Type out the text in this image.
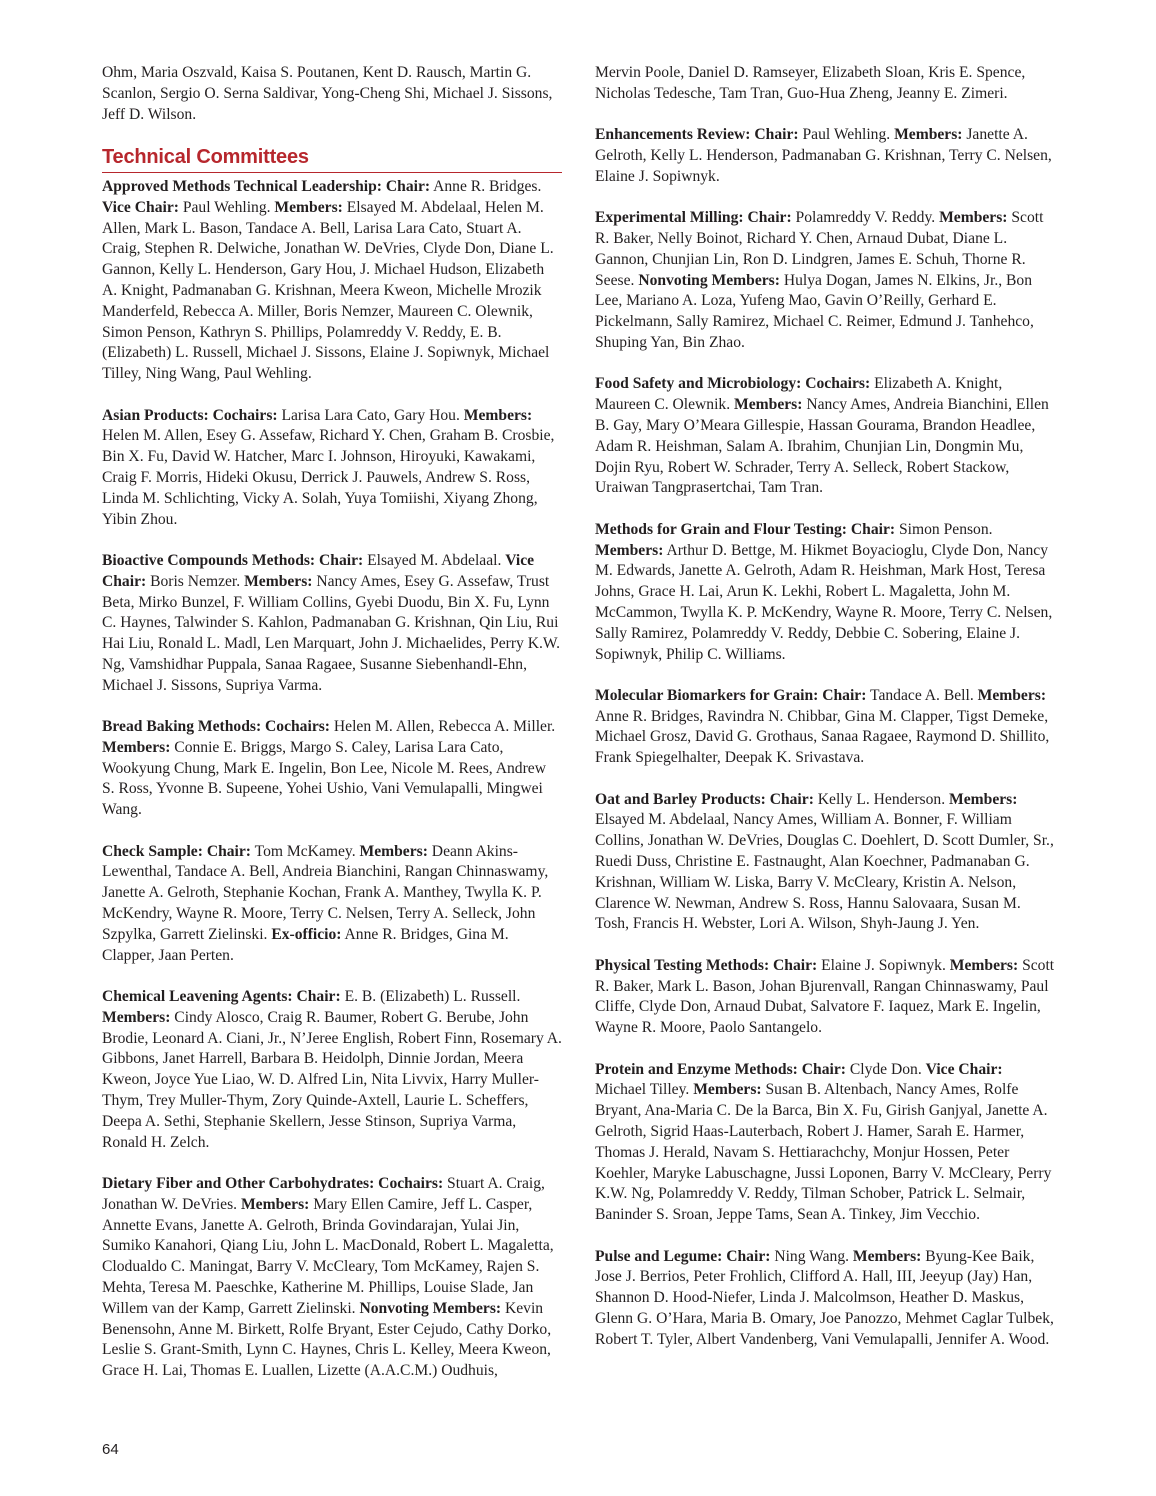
Ohm, Maria Oszvald, Kaisa S. Poutanen, Kent D. Rausch, Martin G. Scanlon, Sergio O. Serna Saldivar, Yong-Cheng Shi, Michael J. Sissons, Jeff D. Wilson.

Technical Committees

Approved Methods Technical Leadership: Chair: Anne R. Bridges. Vice Chair: Paul Wehling. Members: Elsayed M. Abdelaal, Helen M. Allen, Mark L. Bason, Tandace A. Bell, Larisa Lara Cato, Stuart A. Craig, Stephen R. Delwiche, Jonathan W. DeVries, Clyde Don, Diane L. Gannon, Kelly L. Henderson, Gary Hou, J. Michael Hudson, Elizabeth A. Knight, Padmanaban G. Krishnan, Meera Kweon, Michelle Mrozik Manderfeld, Rebecca A. Miller, Boris Nemzer, Maureen C. Olewnik, Simon Penson, Kathryn S. Phillips, Polamreddy V. Reddy, E. B. (Elizabeth) L. Russell, Michael J. Sissons, Elaine J. Sopiwnyk, Michael Tilley, Ning Wang, Paul Wehling.

Asian Products: Cochairs: Larisa Lara Cato, Gary Hou. Members: Helen M. Allen, Esey G. Assefaw, Richard Y. Chen, Graham B. Crosbie, Bin X. Fu, David W. Hatcher, Marc I. Johnson, Hiroyuki, Kawakami, Craig F. Morris, Hideki Okusu, Derrick J. Pauwels, Andrew S. Ross, Linda M. Schlichting, Vicky A. Solah, Yuya Tomiishi, Xiyang Zhong, Yibin Zhou.

Bioactive Compounds Methods: Chair: Elsayed M. Abdelaal. Vice Chair: Boris Nemzer. Members: Nancy Ames, Esey G. Assefaw, Trust Beta, Mirko Bunzel, F. William Collins, Gyebi Duodu, Bin X. Fu, Lynn C. Haynes, Talwinder S. Kahlon, Padmanaban G. Krishnan, Qin Liu, Rui Hai Liu, Ronald L. Madl, Len Marquart, John J. Michaelides, Perry K.W. Ng, Vamshidhar Puppala, Sanaa Ragaee, Susanne Siebenhandl-Ehn, Michael J. Sissons, Supriya Varma.

Bread Baking Methods: Cochairs: Helen M. Allen, Rebecca A. Miller. Members: Connie E. Briggs, Margo S. Caley, Larisa Lara Cato, Wookyung Chung, Mark E. Ingelin, Bon Lee, Nicole M. Rees, Andrew S. Ross, Yvonne B. Supeene, Yohei Ushio, Vani Vemulapalli, Mingwei Wang.

Check Sample: Chair: Tom McKamey. Members: Deann Akins-Lewenthal, Tandace A. Bell, Andreia Bianchini, Rangan Chinnaswamy, Janette A. Gelroth, Stephanie Kochan, Frank A. Manthey, Twylla K. P. McKendry, Wayne R. Moore, Terry C. Nelsen, Terry A. Selleck, John Szpylka, Garrett Zielinski. Ex-officio: Anne R. Bridges, Gina M. Clapper, Jaan Perten.

Chemical Leavening Agents: Chair: E. B. (Elizabeth) L. Russell. Members: Cindy Alosco, Craig R. Baumer, Robert G. Berube, John Brodie, Leonard A. Ciani, Jr., N’Jeree English, Robert Finn, Rosemary A. Gibbons, Janet Harrell, Barbara B. Heidolph, Dinnie Jordan, Meera Kweon, Joyce Yue Liao, W. D. Alfred Lin, Nita Livvix, Harry Muller-Thym, Trey Muller-Thym, Zory Quinde-Axtell, Laurie L. Scheffers, Deepa A. Sethi, Stephanie Skellern, Jesse Stinson, Supriya Varma, Ronald H. Zelch.

Dietary Fiber and Other Carbohydrates: Cochairs: Stuart A. Craig, Jonathan W. DeVries. Members: Mary Ellen Camire, Jeff L. Casper, Annette Evans, Janette A. Gelroth, Brinda Govindarajan, Yulai Jin, Sumiko Kanahori, Qiang Liu, John L. MacDonald, Robert L. Magaletta, Clodualdo C. Maningat, Barry V. McCleary, Tom McKamey, Rajen S. Mehta, Teresa M. Paeschke, Katherine M. Phillips, Louise Slade, Jan Willem van der Kamp, Garrett Zielinski. Nonvoting Members: Kevin Benensohn, Anne M. Birkett, Rolfe Bryant, Ester Cejudo, Cathy Dorko, Leslie S. Grant-Smith, Lynn C. Haynes, Chris L. Kelley, Meera Kweon, Grace H. Lai, Thomas E. Luallen, Lizette (A.A.C.M.) Oudhuis,

Mervin Poole, Daniel D. Ramseyer, Elizabeth Sloan, Kris E. Spence, Nicholas Tedesche, Tam Tran, Guo-Hua Zheng, Jeanny E. Zimeri.

Enhancements Review: Chair: Paul Wehling. Members: Janette A. Gelroth, Kelly L. Henderson, Padmanaban G. Krishnan, Terry C. Nelsen, Elaine J. Sopiwnyk.

Experimental Milling: Chair: Polamreddy V. Reddy. Members: Scott R. Baker, Nelly Boinot, Richard Y. Chen, Arnaud Dubat, Diane L. Gannon, Chunjian Lin, Ron D. Lindgren, James E. Schuh, Thorne R. Seese. Nonvoting Members: Hulya Dogan, James N. Elkins, Jr., Bon Lee, Mariano A. Loza, Yufeng Mao, Gavin O’Reilly, Gerhard E. Pickelmann, Sally Ramirez, Michael C. Reimer, Edmund J. Tanhehco, Shuping Yan, Bin Zhao.

Food Safety and Microbiology: Cochairs: Elizabeth A. Knight, Maureen C. Olewnik. Members: Nancy Ames, Andreia Bianchini, Ellen B. Gay, Mary O’Meara Gillespie, Hassan Gourama, Brandon Headlee, Adam R. Heishman, Salam A. Ibrahim, Chunjian Lin, Dongmin Mu, Dojin Ryu, Robert W. Schrader, Terry A. Selleck, Robert Stackow, Uraiwan Tangprasertchai, Tam Tran.

Methods for Grain and Flour Testing: Chair: Simon Penson. Members: Arthur D. Bettge, M. Hikmet Boyacioglu, Clyde Don, Nancy M. Edwards, Janette A. Gelroth, Adam R. Heishman, Mark Host, Teresa Johns, Grace H. Lai, Arun K. Lekhi, Robert L. Magaletta, John M. McCammon, Twylla K. P. McKendry, Wayne R. Moore, Terry C. Nelsen, Sally Ramirez, Polamreddy V. Reddy, Debbie C. Sobering, Elaine J. Sopiwnyk, Philip C. Williams.

Molecular Biomarkers for Grain: Chair: Tandace A. Bell. Members: Anne R. Bridges, Ravindra N. Chibbar, Gina M. Clapper, Tigst Demeke, Michael Grosz, David G. Grothaus, Sanaa Ragaee, Raymond D. Shillito, Frank Spiegelhalter, Deepak K. Srivastava.

Oat and Barley Products: Chair: Kelly L. Henderson. Members: Elsayed M. Abdelaal, Nancy Ames, William A. Bonner, F. William Collins, Jonathan W. DeVries, Douglas C. Doehlert, D. Scott Dumler, Sr., Ruedi Duss, Christine E. Fastnaught, Alan Koechner, Padmanaban G. Krishnan, William W. Liska, Barry V. McCleary, Kristin A. Nelson, Clarence W. Newman, Andrew S. Ross, Hannu Salovaara, Susan M. Tosh, Francis H. Webster, Lori A. Wilson, Shyh-Jaung J. Yen.

Physical Testing Methods: Chair: Elaine J. Sopiwnyk. Members: Scott R. Baker, Mark L. Bason, Johan Bjurenvall, Rangan Chinnaswamy, Paul Cliffe, Clyde Don, Arnaud Dubat, Salvatore F. Iaquez, Mark E. Ingelin, Wayne R. Moore, Paolo Santangelo.

Protein and Enzyme Methods: Chair: Clyde Don. Vice Chair: Michael Tilley. Members: Susan B. Altenbach, Nancy Ames, Rolfe Bryant, Ana-Maria C. De la Barca, Bin X. Fu, Girish Ganjyal, Janette A. Gelroth, Sigrid Haas-Lauterbach, Robert J. Hamer, Sarah E. Harmer, Thomas J. Herald, Navam S. Hettiarachchy, Monjur Hossen, Peter Koehler, Maryke Labuschagne, Jussi Loponen, Barry V. McCleary, Perry K.W. Ng, Polamreddy V. Reddy, Tilman Schober, Patrick L. Selmair, Baninder S. Sroan, Jeppe Tams, Sean A. Tinkey, Jim Vecchio.

Pulse and Legume: Chair: Ning Wang. Members: Byung-Kee Baik, Jose J. Berrios, Peter Frohlich, Clifford A. Hall, III, Jeeyup (Jay) Han, Shannon D. Hood-Niefer, Linda J. Malcolmson, Heather D. Maskus, Glenn G. O’Hara, Maria B. Omary, Joe Panozzo, Mehmet Caglar Tulbek, Robert T. Tyler, Albert Vandenberg, Vani Vemulapalli, Jennifer A. Wood.

64
